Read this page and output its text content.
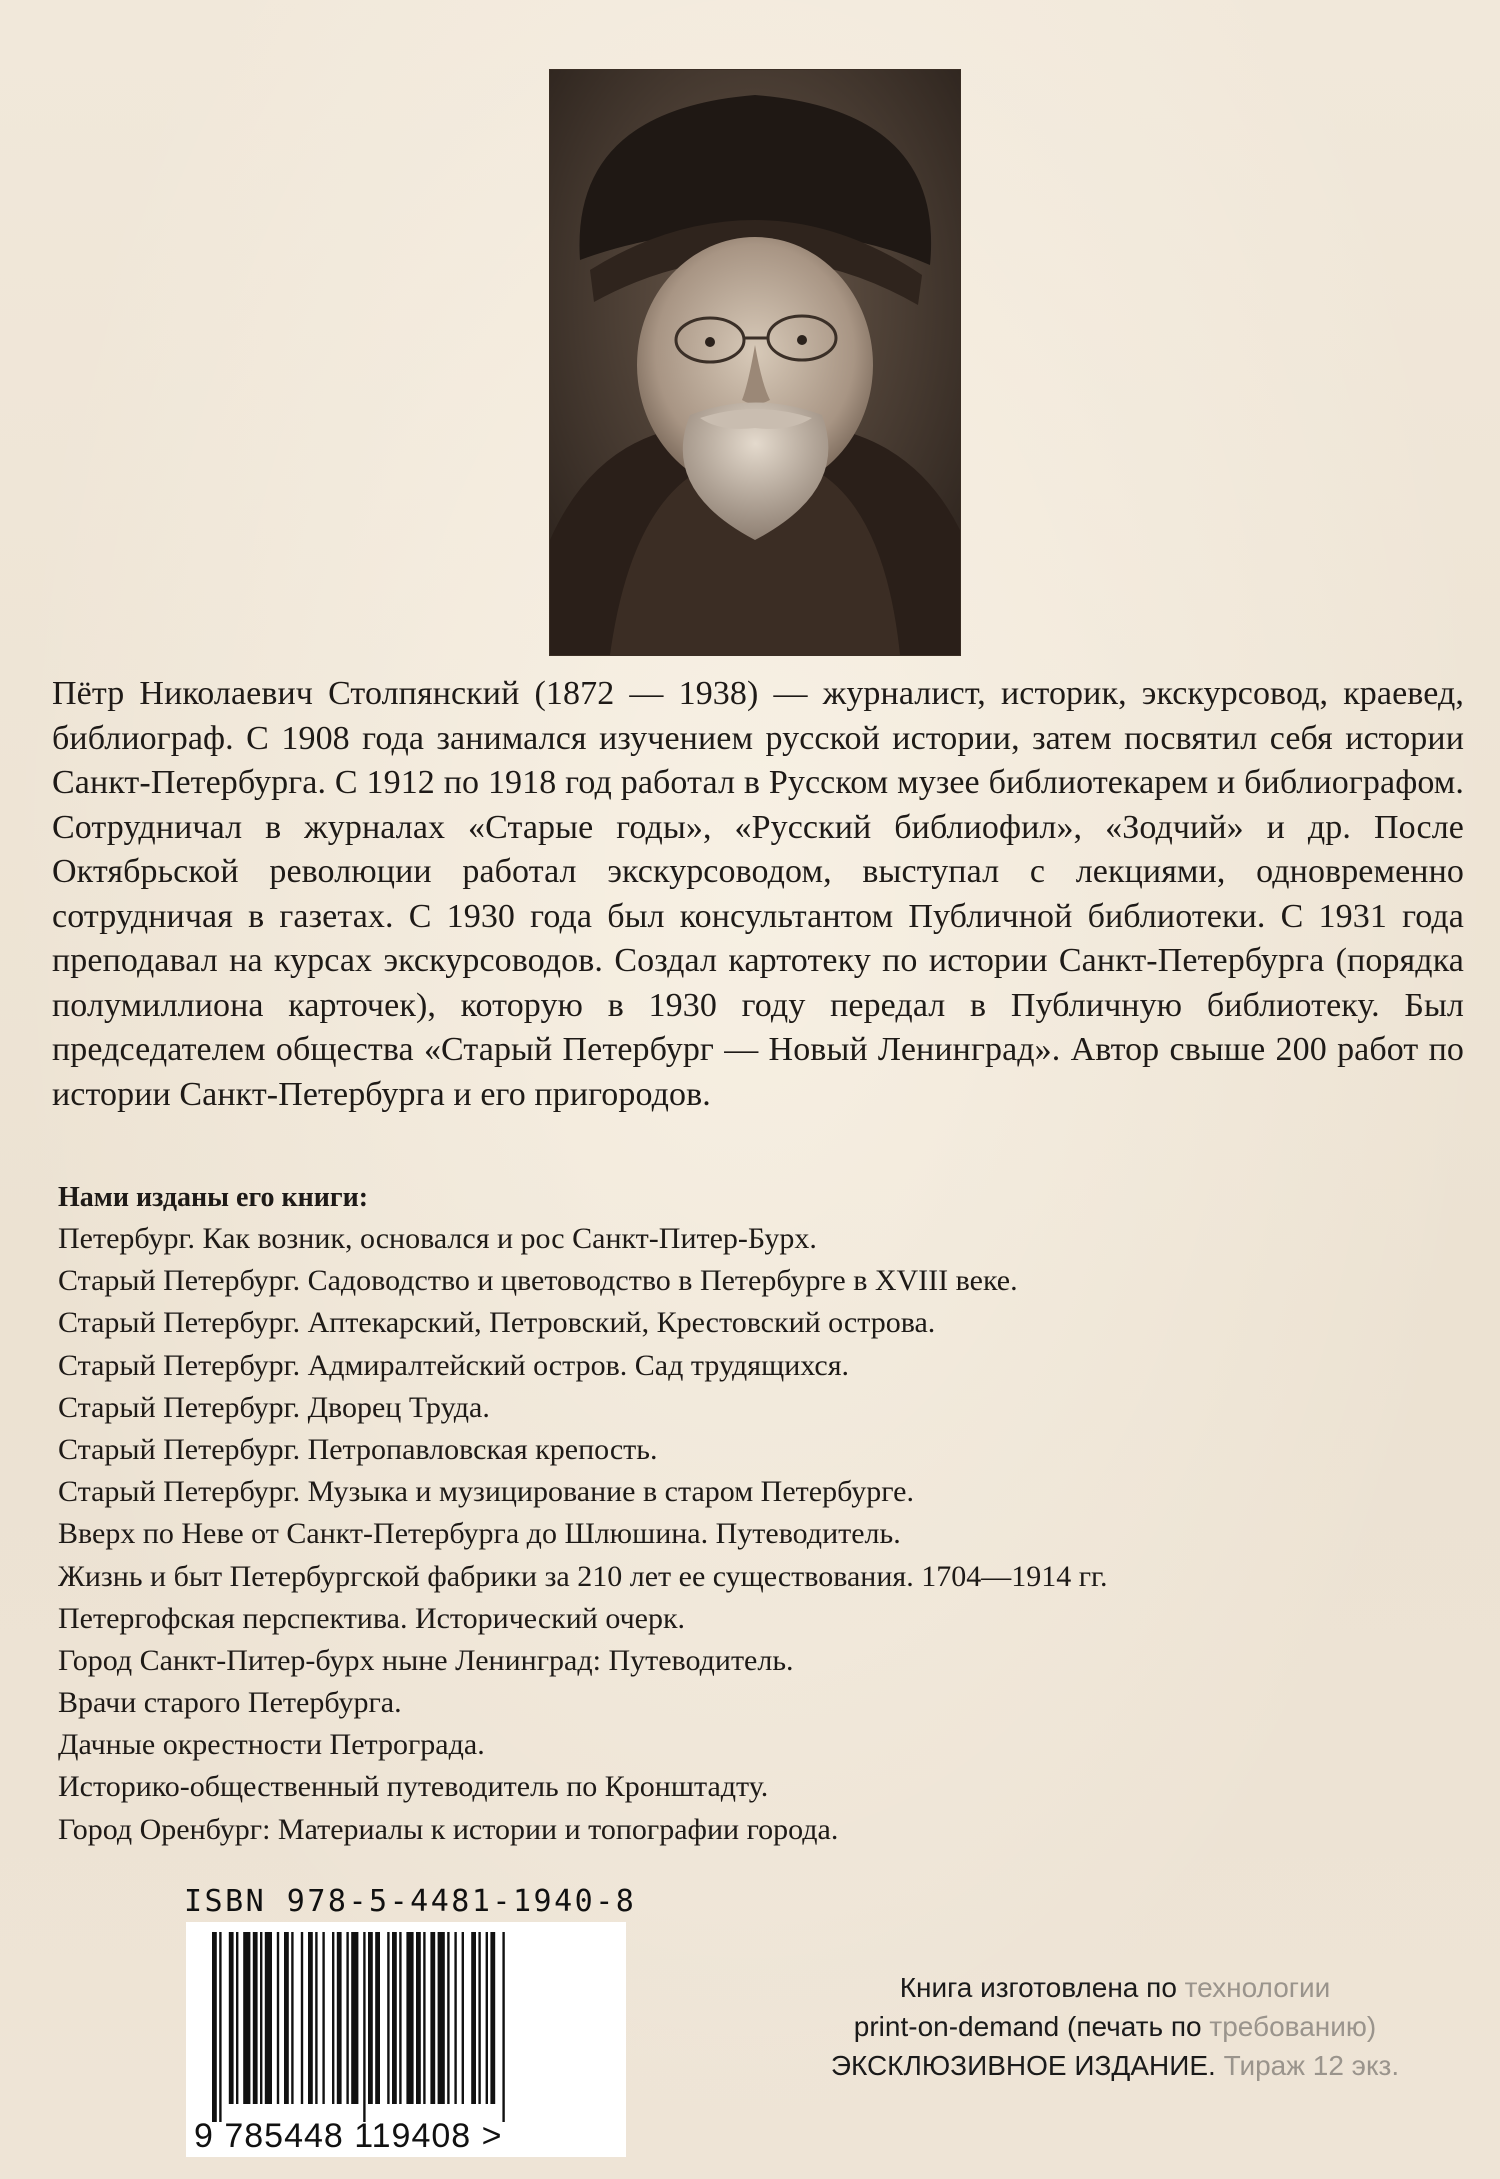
Пётр Николаевич Столпянский (1872 — 1938) — журналист, историк, экскурсовод, краевед, библиограф. С 1908 года занимался изучением русской истории, затем посвятил себя истории Санкт-Петербурга. С 1912 по 1918 год работал в Русском музее библиотекарем и библиографом. Сотрудничал в журналах «Старые годы», «Русский библиофил», «Зодчий» и др. После Октябрьской революции работал экскурсоводом, выступал с лекциями, одновременно сотрудничая в газетах. С 1930 года был консультантом Публичной библиотеки. С 1931 года преподавал на курсах экскурсоводов. Создал картотеку по истории Санкт-Петербурга (порядка полумиллиона карточек), которую в 1930 году передал в Публичную библиотеку. Был председателем общества «Старый Петербург — Новый Ленинград». Автор свыше 200 работ по истории Санкт-Петербурга и его пригородов.
Нами изданы его книги:
Петербург. Как возник, основался и рос Санкт-Питер-Бурх.
Старый Петербург. Садоводство и цветоводство в Петербурге в XVIII веке.
Старый Петербург. Аптекарский, Петровский, Крестовский острова.
Старый Петербург. Адмиралтейский остров. Сад трудящихся.
Старый Петербург. Дворец Труда.
Старый Петербург. Петропавловская крепость.
Старый Петербург. Музыка и музицирование в старом Петербурге.
Вверх по Неве от Санкт-Петербурга до Шлюшина. Путеводитель.
Жизнь и быт Петербургской фабрики за 210 лет ее существования. 1704—1914 гг.
Петергофская перспектива. Исторический очерк.
Город Санкт-Питер-бурх ныне Ленинград: Путеводитель.
Врачи старого Петербурга.
Дачные окрестности Петрограда.
Историко-общественный путеводитель по Кронштадту.
Город Оренбург: Материалы к истории и топографии города.
ISBN 978-5-4481-1940-8
9 785448 119408 >
Книга изготовлена по технологии
print-on-demand (печать по требованию)
ЭКСКЛЮЗИВНОЕ ИЗДАНИЕ. Тираж 12 экз.
